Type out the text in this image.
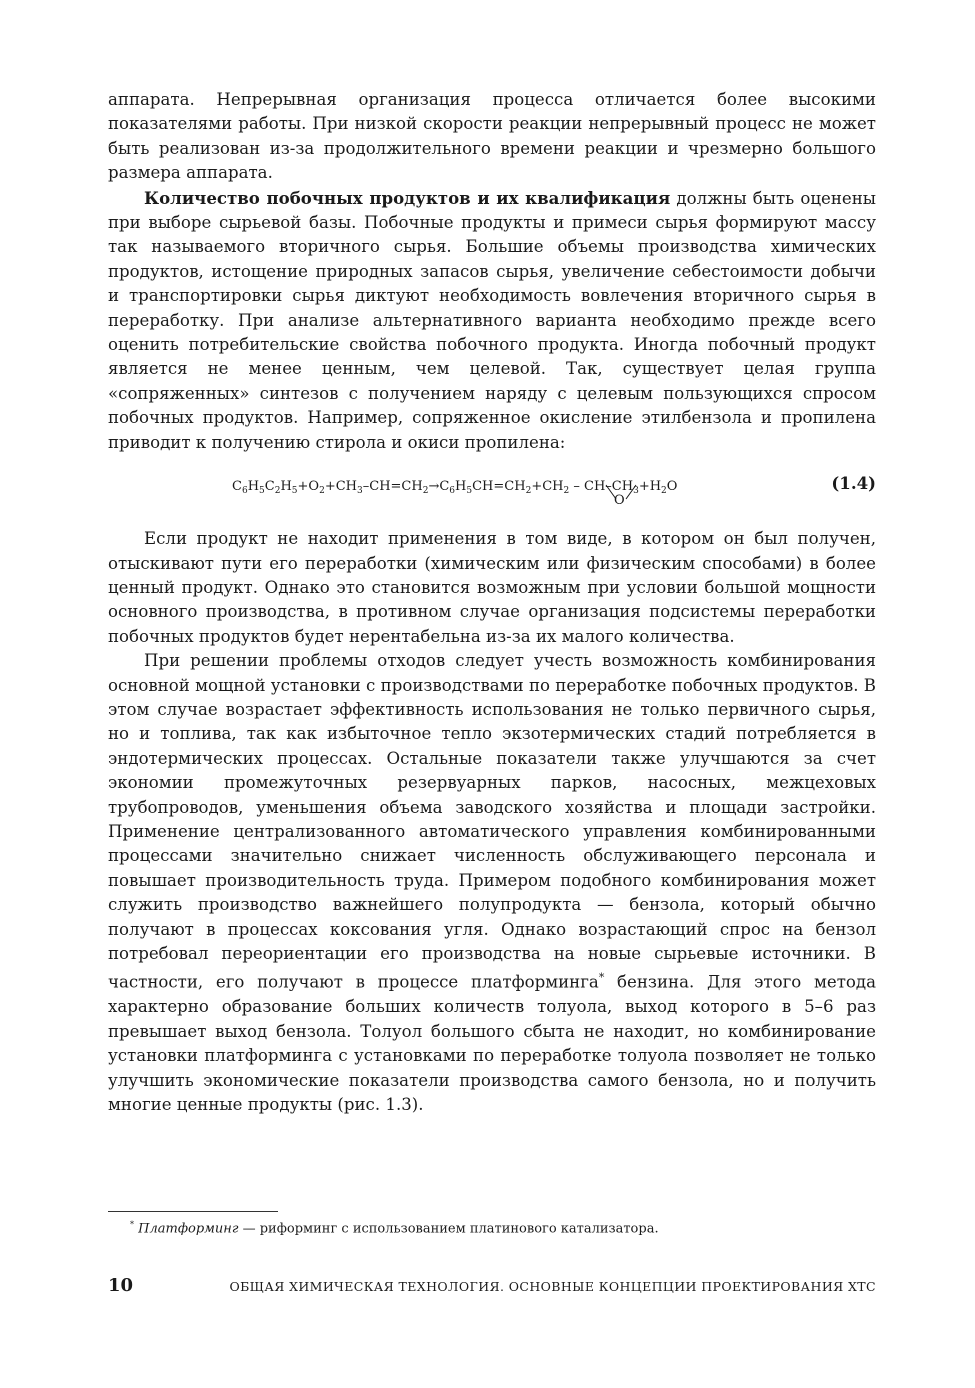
аппарата. Непрерывная организация процесса отличается более высокими показателями работы. При низкой скорости реакции непрерывный процесс не может быть реализован из-за продолжительного времени реакции и чрезмерно большого размера аппарата.

Количество побочных продуктов и их квалификация должны быть оценены при выборе сырьевой базы. Побочные продукты и примеси сырья формируют массу так называемого вторичного сырья. Большие объемы производства химических продуктов, истощение природных запасов сырья, увеличение себестоимости добычи и транспортировки сырья диктуют необходимость вовлечения вторичного сырья в переработку. При анализе альтернативного варианта необходимо прежде всего оценить потребительские свойства побочного продукта. Иногда побочный продукт является не менее ценным, чем целевой. Так, существует целая группа «сопряженных» синтезов с получением наряду с целевым пользующихся спросом побочных продуктов. Например, сопряженное окисление этилбензола и пропилена приводит к получению стирола и окиси пропилена:

$C_6H_5C_2H_5+O_2+CH_3-CH=CH_2\to C_6H_5CH=CH_2+CH_2 - CH-CH_3+H_2O$
O
(1.4)

Если продукт не находит применения в том виде, в котором он был получен, отыскивают пути его переработки (химическим или физическим способами) в более ценный продукт. Однако это становится возможным при условии большой мощности основного производства, в противном случае организация подсистемы переработки побочных продуктов будет нерентабельна из-за их малого количества.

При решении проблемы отходов следует учесть возможность комбинирования основной мощной установки с производствами по переработке побочных продуктов. В этом случае возрастает эффективность использования не только первичного сырья, но и топлива, так как избыточное тепло экзотермических стадий потребляется в эндотермических процессах. Остальные показатели также улучшаются за счет экономии промежуточных резервуарных парков, насосных, межцеховых трубопроводов, уменьшения объема заводского хозяйства и площади застройки. Применение централизованного автоматического управления комбинированными процессами значительно снижает численность обслуживающего персонала и повышает производительность труда. Примером подобного комбинирования может служить производство важнейшего полупродукта — бензола, который обычно получают в процессах коксования угля. Однако возрастающий спрос на бензол потребовал переориентации его производства на новые сырьевые источники. В частности, его получают в процессе платформинга* бензина. Для этого метода характерно образование больших количеств толуола, выход которого в 5–6 раз превышает выход бензола. Толуол большого сбыта не находит, но комбинирование установки платформинга с установками по переработке толуола позволяет не только улучшить экономические показатели производства самого бензола, но и получить многие ценные продукты (рис. 1.3).

* Платформинг — риформинг с использованием платинового катализатора.
10	ОБЩАЯ ХИМИЧЕСКАЯ ТЕХНОЛОГИЯ. ОСНОВНЫЕ КОНЦЕПЦИИ ПРОЕКТИРОВАНИЯ ХТС
